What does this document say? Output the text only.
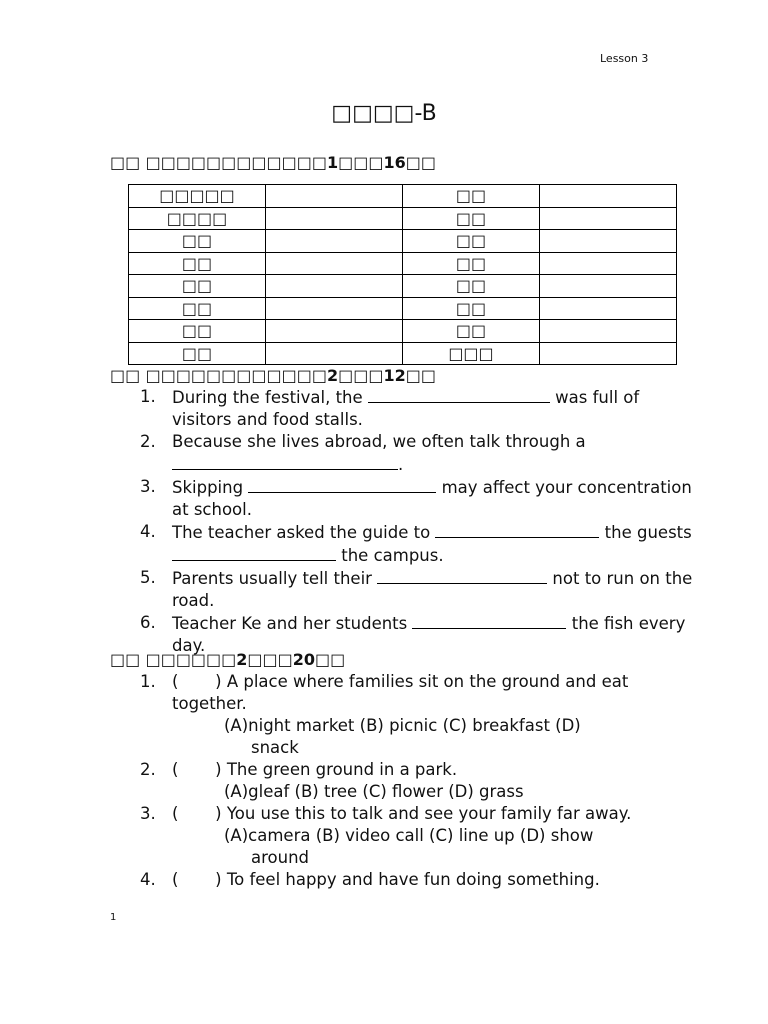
Lesson 3
□□□□-B
□□ □□□□□□□□□□□□1□□□16□□
□□□□□		□□	
□□□□		□□	
□□		□□	
□□		□□	
□□		□□	
□□		□□	
□□		□□	
□□		□□□	
□□ □□□□□□□□□□□□2□□□12□□
1. During the festival, the	was full of visitors and food stalls.
2. Because she lives abroad, we often talk through a .
3. Skipping	may affect your concentration at school.
4. The teacher asked the guide to	the guests  the campus.
5. Parents usually tell their	not to run on the road.
6. Teacher Ke and her students	the fish every day.
□□ □□□□□□2□□□20□□
1. (       ) A place where families sit on the ground and eat together.
(A)night market (B) picnic (C) breakfast (D)
snack
2. (       ) The green ground in a park.
(A)gleaf (B) tree (C) flower (D) grass
3. (       ) You use this to talk and see your family far away.
(A)camera (B) video call (C) line up (D) show
around
4. (       ) To feel happy and have fun doing something.
1
